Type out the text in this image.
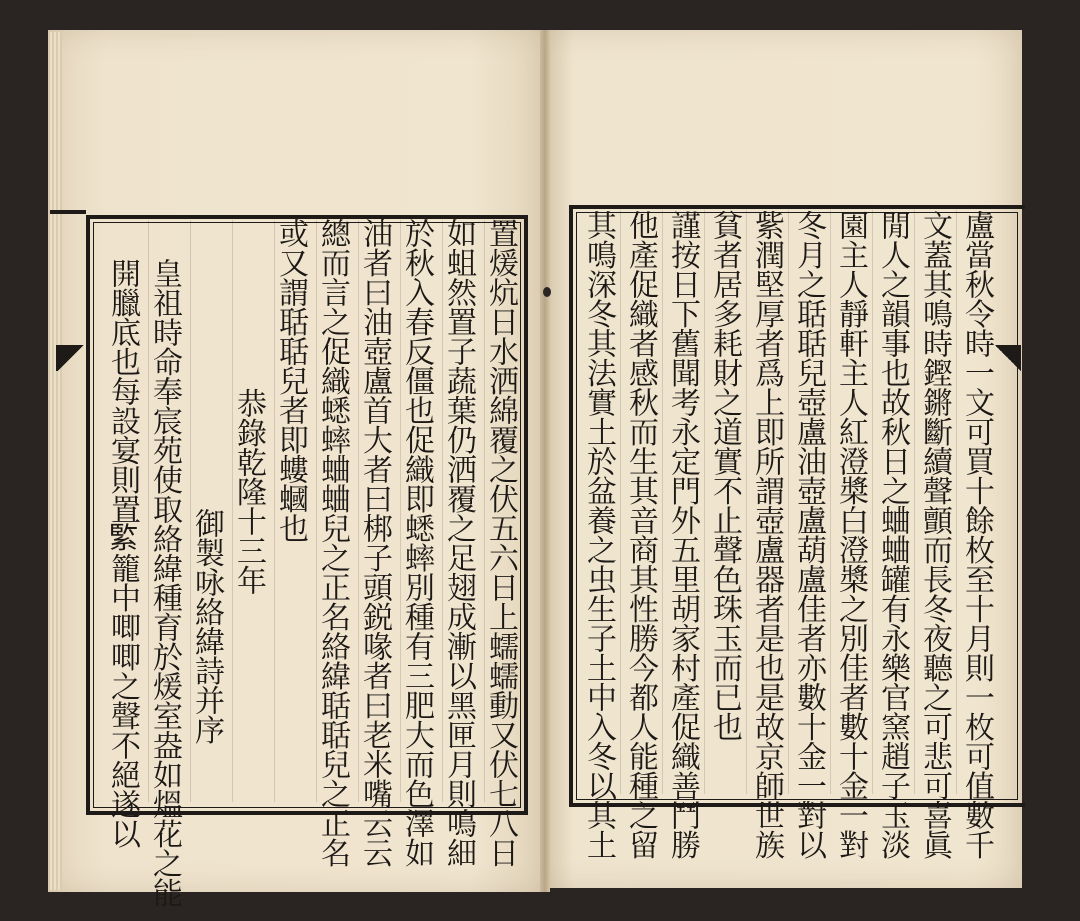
開臘底也每設宴則置𦂳籠中唧唧之聲不絕遂以 皇祖時命奉宸苑使取絡緯種育於煖室盎如熅花之能 御製咏絡緯詩并序
恭錄乾隆十三年 或又謂聒聒兒者即螻蟈也 總而言之促織蟋蟀蛐蛐兒之正名絡緯聒聒兒之正名 油者曰油壺盧首大者曰梆子頭鋭喙者曰老米嘴云云 於秋入春反僵也促織即蟋蟀別種有三肥大而色澤如 如蛆然置子蔬葉仍洒覆之足翅成漸以黑匣月則鳴細 置煖炕日水洒綿覆之伏五六日上蠕蠕動又伏七八日 其鳴深冬其法實土於盆養之虫生子土中入冬以其土 他產促織者感秋而生其音商其性勝今都人能種之留 謹按日下舊聞考永定門外五里胡家村產促織善鬥勝 貧者居多耗財之道實不止聲色珠玉而已也 紫潤堅厚者爲上即所謂壺盧器者是也是故京師世族 冬月之聒聒兒壺盧油壺盧葫盧佳者亦數十金一對以 園主人靜軒主人紅澄槳白澄槳之別佳者數十金一對 閒人之韻事也故秋日之蛐蛐罐有永樂官窯趙子玉淡 文蓋其鳴時鏗鏘斷續聲顫而長冬夜聽之可悲可喜眞 盧當秋令時一文可買十餘枚至十月則一枚可值數千
